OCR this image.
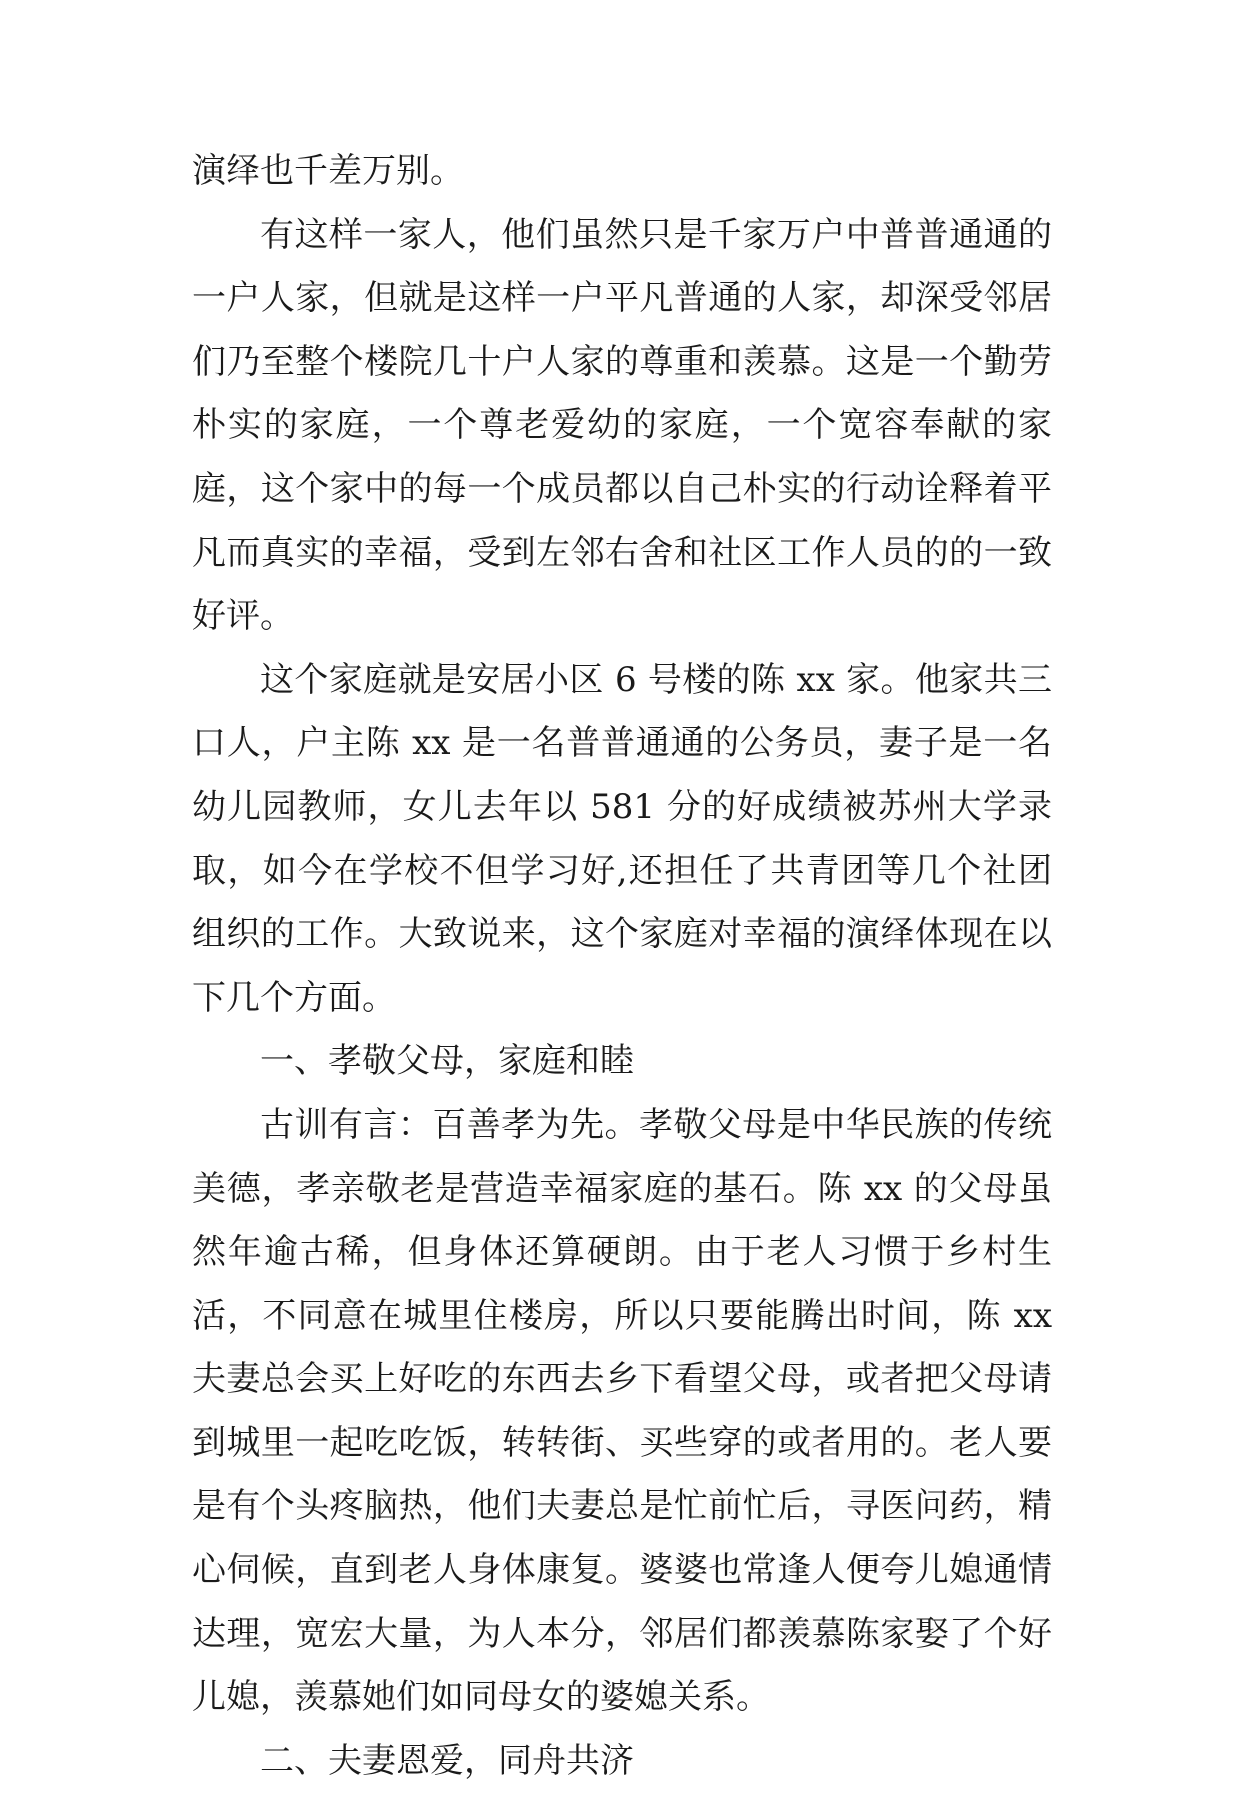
演绎也千差万别。

有这样一家人，他们虽然只是千家万户中普普通通的一户人家，但就是这样一户平凡普通的人家，却深受邻居们乃至整个楼院几十户人家的尊重和羡慕。这是一个勤劳朴实的家庭，一个尊老爱幼的家庭，一个宽容奉献的家庭，这个家中的每一个成员都以自己朴实的行动诠释着平凡而真实的幸福，受到左邻右舍和社区工作人员的的一致好评。

这个家庭就是安居小区 6 号楼的陈 xx 家。他家共三口人，户主陈 xx 是一名普普通通的公务员，妻子是一名幼儿园教师，女儿去年以 581 分的好成绩被苏州大学录取，如今在学校不但学习好,还担任了共青团等几个社团组织的工作。大致说来，这个家庭对幸福的演绎体现在以下几个方面。

一、孝敬父母，家庭和睦

古训有言：百善孝为先。孝敬父母是中华民族的传统美德，孝亲敬老是营造幸福家庭的基石。陈 xx 的父母虽然年逾古稀，但身体还算硬朗。由于老人习惯于乡村生活，不同意在城里住楼房，所以只要能腾出时间，陈 xx 夫妻总会买上好吃的东西去乡下看望父母，或者把父母请到城里一起吃吃饭，转转街、买些穿的或者用的。老人要是有个头疼脑热，他们夫妻总是忙前忙后，寻医问药，精心伺候，直到老人身体康复。婆婆也常逢人便夸儿媳通情达理，宽宏大量，为人本分，邻居们都羡慕陈家娶了个好儿媳，羡慕她们如同母女的婆媳关系。

二、夫妻恩爱，同舟共济
